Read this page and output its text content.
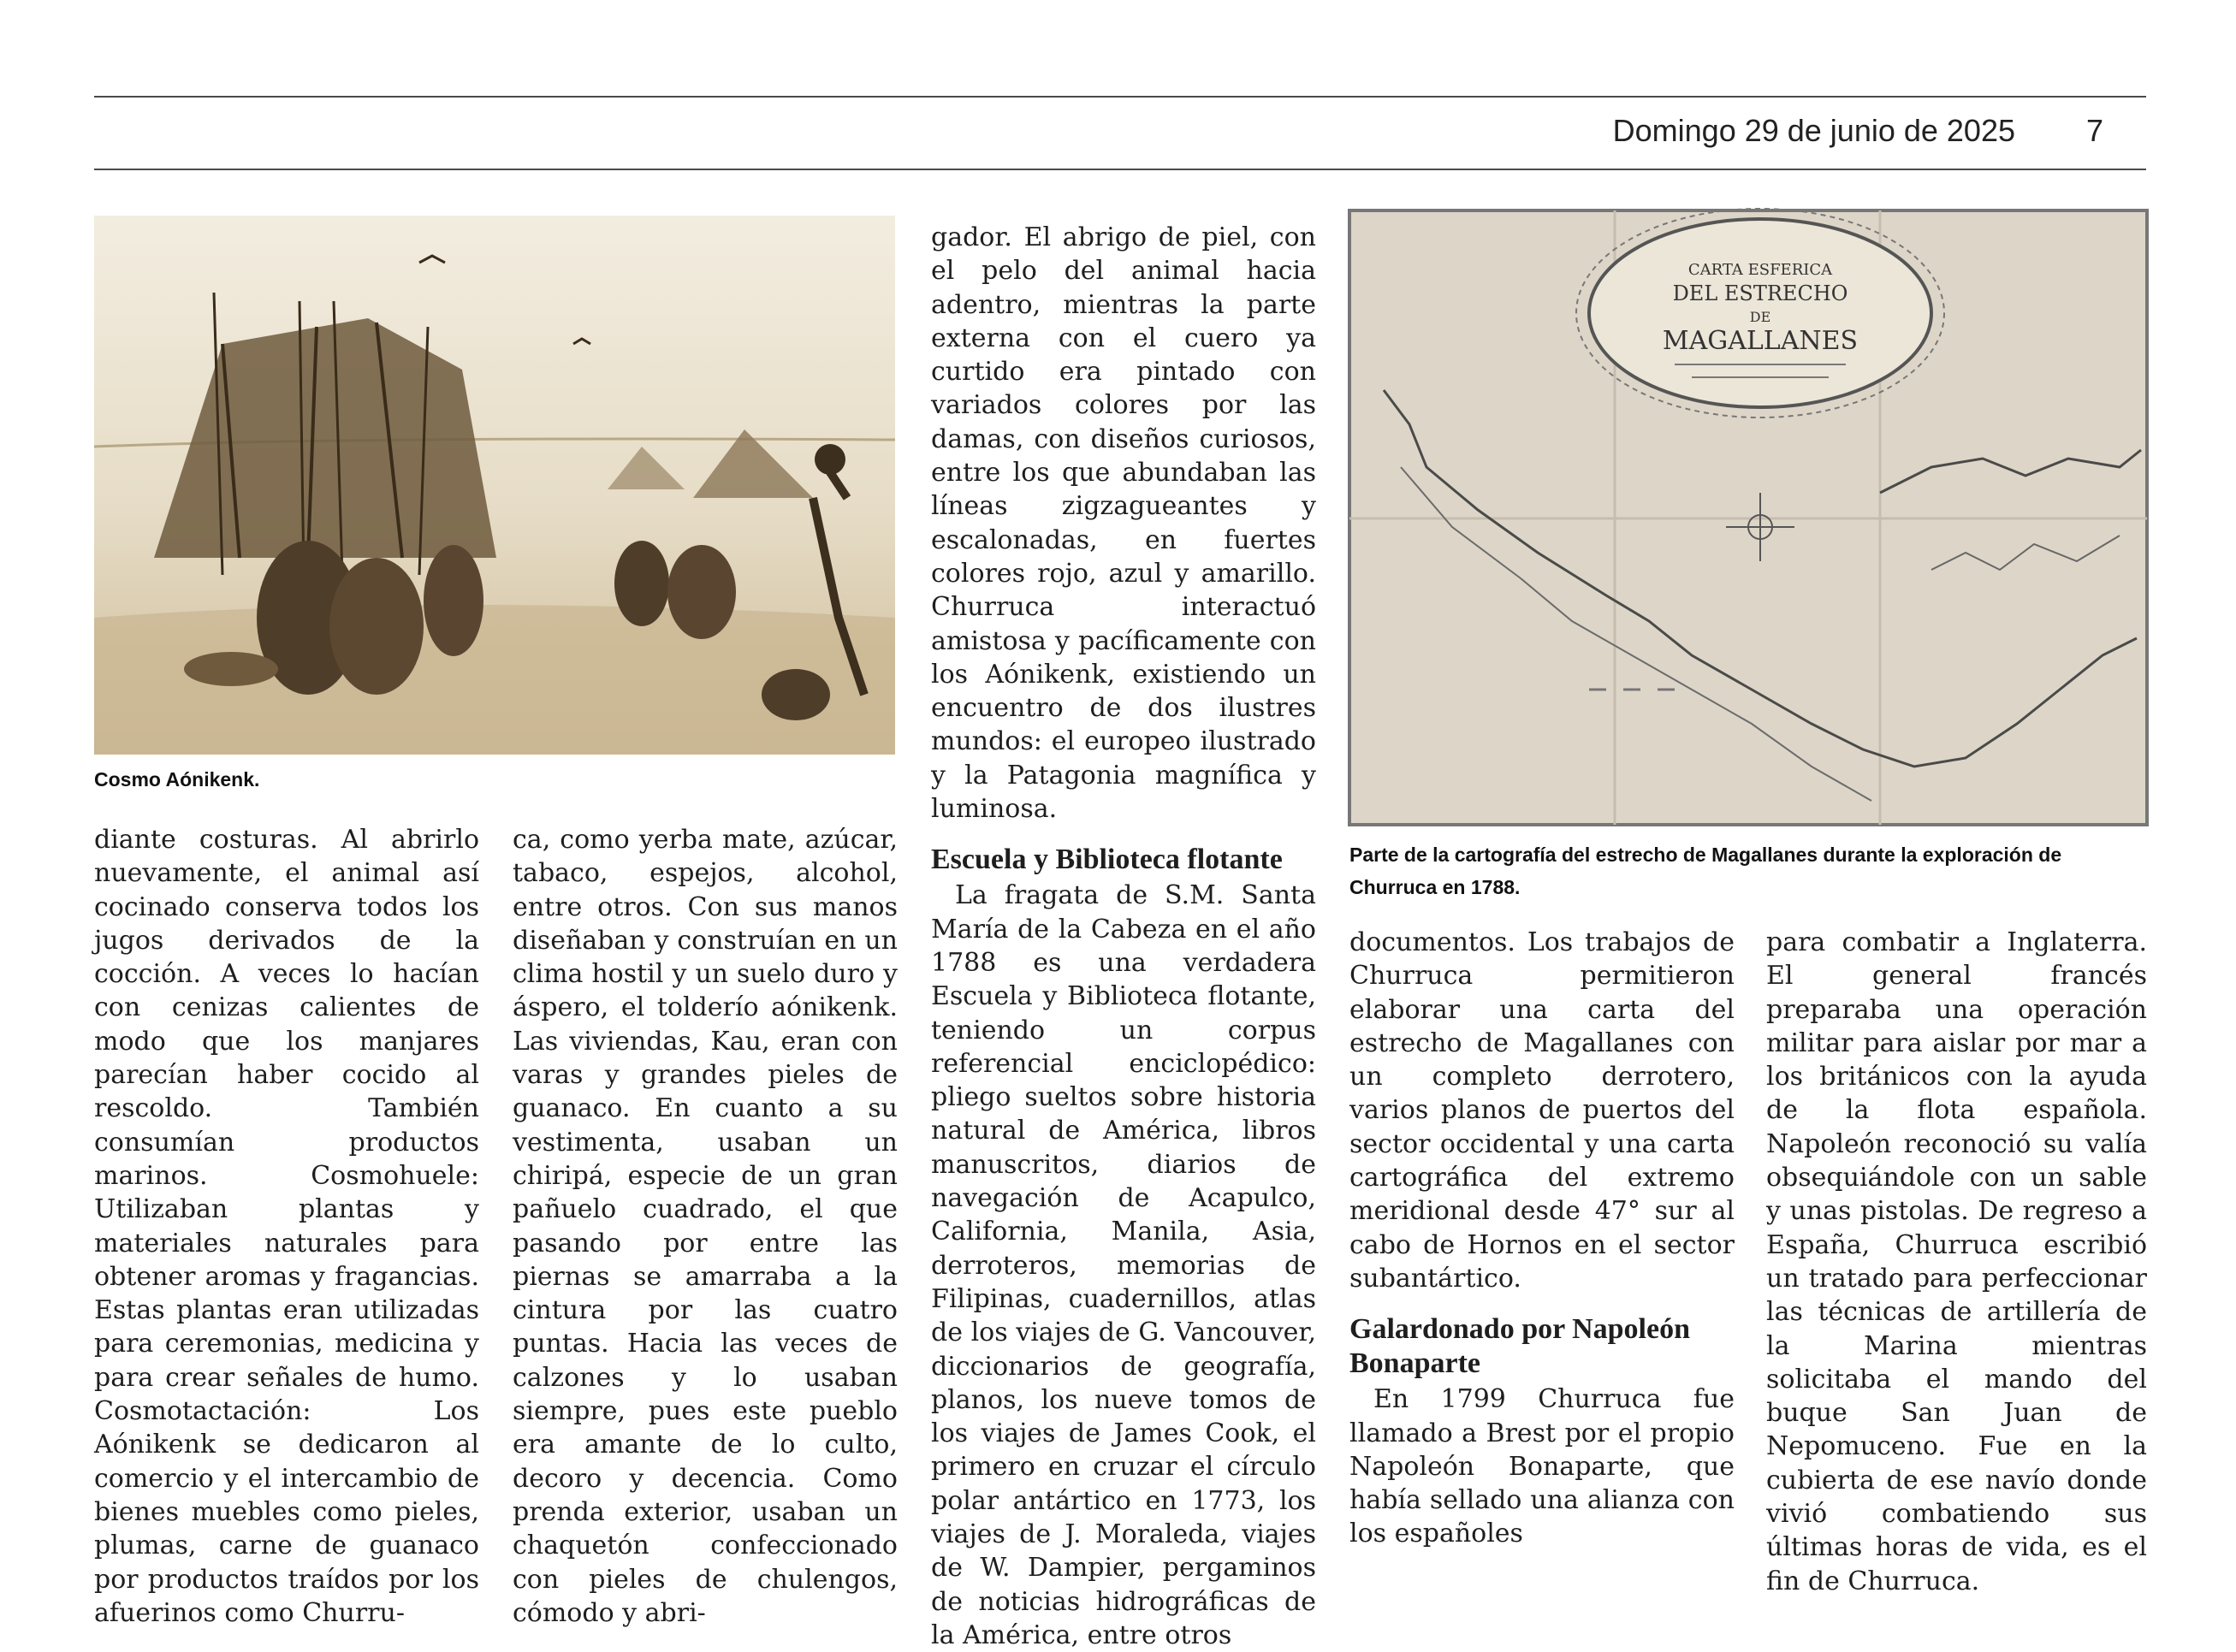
Domingo 29 de junio de 2025 7
Cosmo Aónikenk.
CARTA ESFERICA
DEL ESTRECHO
DE
MAGALLANES
Parte de la cartografía del estrecho de Magallanes durante la exploración de Churruca en 1788.

diante costuras. Al abrirlo nuevamente, el animal así cocinado conserva todos los jugos derivados de la cocción. A veces lo hacían con cenizas calientes de modo que los manjares parecían haber cocido al rescoldo. También consumían productos marinos. Cosmohuele: Utilizaban plantas y materiales naturales para obtener aromas y fragancias. Estas plantas eran utilizadas para ceremonias, medicina y para crear señales de humo. Cosmotactación: Los Aónikenk se dedicaron al comercio y el intercambio de bienes muebles como pieles, plumas, carne de guanaco por productos traídos por los afuerinos como Churru-

ca, como yerba mate, azúcar, tabaco, espejos, alcohol, entre otros. Con sus manos diseñaban y construían en un clima hostil y un suelo duro y áspero, el tolderío aónikenk. Las viviendas, Kau, eran con varas y grandes pieles de guanaco. En cuanto a su vestimenta, usaban un chiripá, especie de un gran pañuelo cuadrado, el que pasando por entre las piernas se amarraba a la cintura por las cuatro puntas. Hacia las veces de calzones y lo usaban siempre, pues este pueblo era amante de lo culto, decoro y decencia. Como prenda exterior, usaban un chaquetón confeccionado con pieles de chulengos, cómodo y abri-

gador. El abrigo de piel, con el pelo del animal hacia adentro, mientras la parte externa con el cuero ya curtido era pintado con variados colores por las damas, con diseños curiosos, entre los que abundaban las líneas zigzagueantes y escalonadas, en fuertes colores rojo, azul y amarillo. Churruca interactuó amistosa y pacíficamente con los Aónikenk, existiendo un encuentro de dos ilustres mundos: el europeo ilustrado y la Patagonia magnífica y luminosa.

Escuela y Biblioteca flotante

La fragata de S.M. Santa María de la Cabeza en el año 1788 es una verdadera Escuela y Biblioteca flotante, teniendo un corpus referencial enciclopédico: pliego sueltos sobre historia natural de América, libros manuscritos, diarios de navegación de Acapulco, California, Manila, Asia, derroteros, memorias de Filipinas, cuadernillos, atlas de los viajes de G. Vancouver, diccionarios de geografía, planos, los nueve tomos de los viajes de James Cook, el primero en cruzar el círculo polar antártico en 1773, los viajes de J. Moraleda, viajes de W. Dampier, pergaminos de noticias hidrográficas de la América, entre otros

documentos. Los trabajos de Churruca permitieron elaborar una carta del estrecho de Magallanes con un completo derrotero, varios planos de puertos del sector occidental y una carta cartográfica del extremo meridional desde 47° sur al cabo de Hornos en el sector subantártico.

Galardonado por Napoleón Bonaparte

En 1799 Churruca fue llamado a Brest por el propio Napoleón Bonaparte, que había sellado una alianza con los españoles

para combatir a Inglaterra. El general francés preparaba una operación militar para aislar por mar a los británicos con la ayuda de la flota española. Napoleón reconoció su valía obsequiándole con un sable y unas pistolas. De regreso a España, Churruca escribió un tratado para perfeccionar las técnicas de artillería de la Marina mientras solicitaba el mando del buque San Juan de Nepomuceno. Fue en la cubierta de ese navío donde vivió combatiendo sus últimas horas de vida, es el fin de Churruca.
